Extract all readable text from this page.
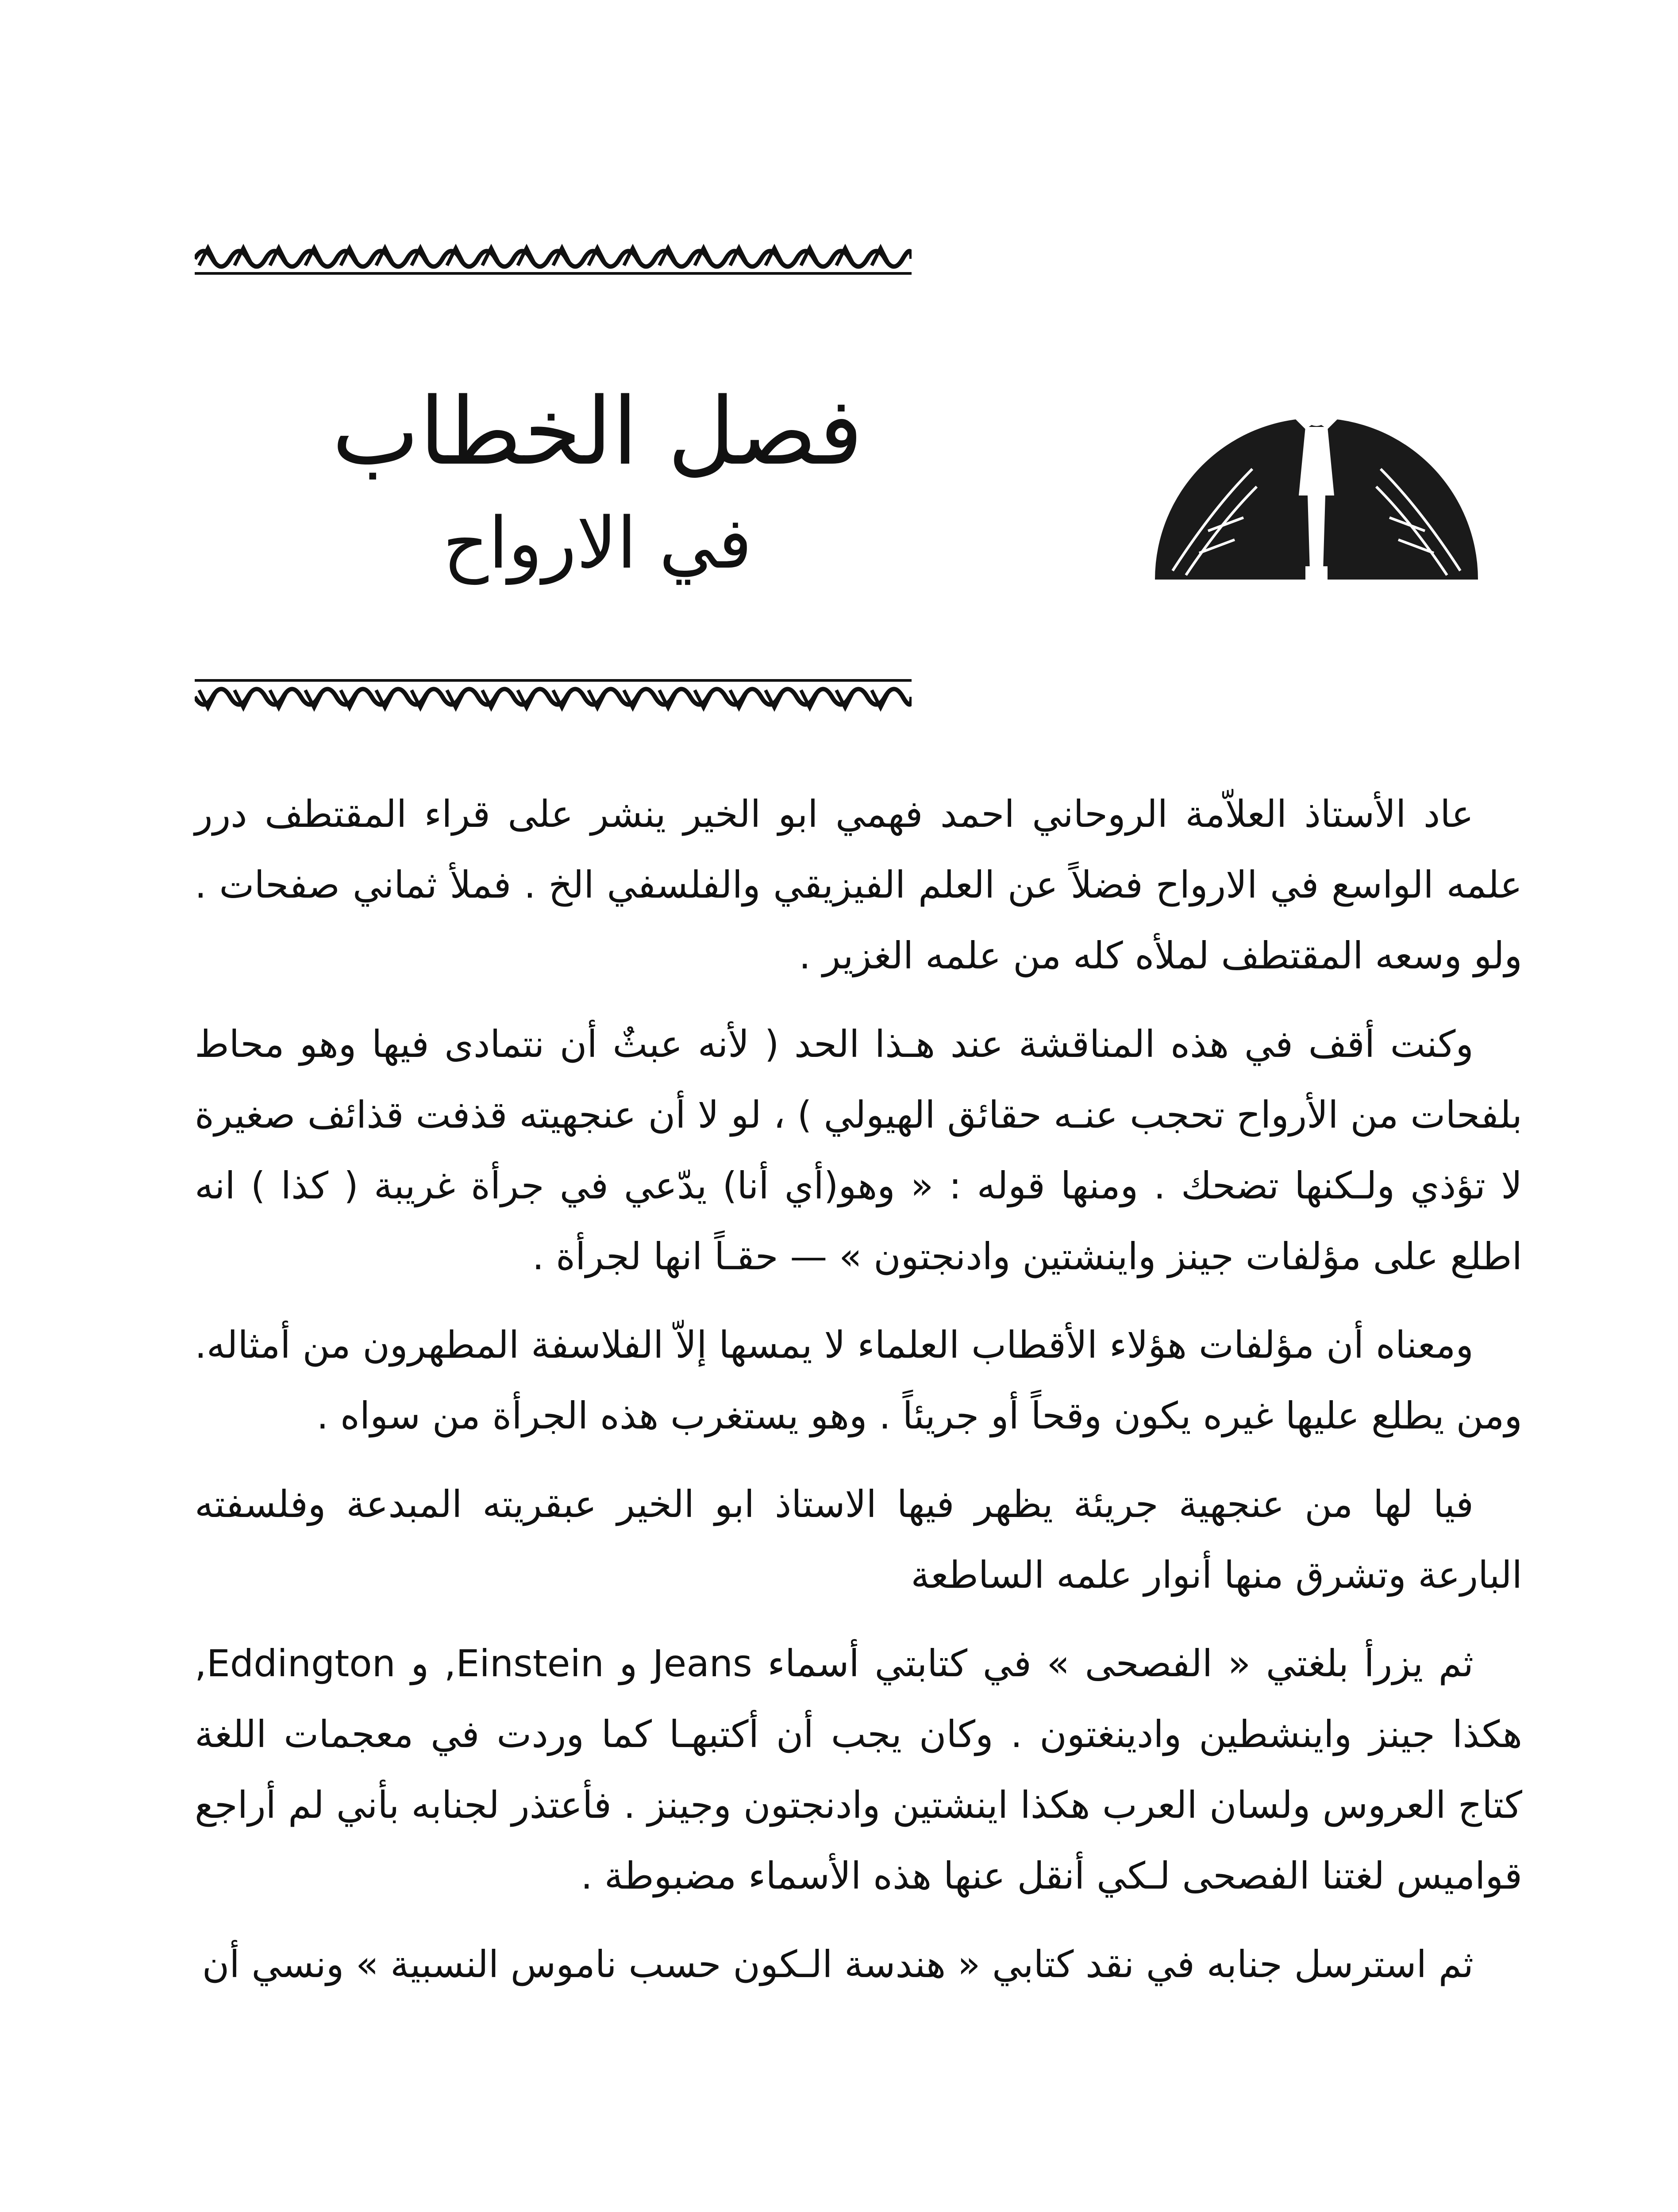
فصل الخطاب
في الارواح

عاد الأستاذ العلاّمة الروحاني احمد فهمي ابو الخير ينشر على قراء المقتطف درر علمه الواسع في الارواح فضلاً عن العلم الفيزيقي والفلسفي الخ . فملأ ثماني صفحات . ولو وسعه المقتطف لملأه كله من علمه الغزير .

وكنت أقف في هذه المناقشة عند هـذا الحد ( لأنه عبثٌ أن نتمادى فيها وهو محاط بلفحات من الأرواح تحجب عنـه حقائق الهيولي ) ، لو لا أن عنجهيته قذفت قذائف صغيرة لا تؤذي ولـكنها تضحك . ومنها قوله : « وهو(أي أنا) يدّعي في جرأة غريبة ( كذا ) انه اطلع على مؤلفات جينز واينشتين وادنجتون » — حقـاً انها لجرأة .

ومعناه أن مؤلفات هؤلاء الأقطاب العلماء لا يمسها إلاّ الفلاسفة المطهرون من أمثاله. ومن يطلع عليها غيره يكون وقحاً أو جريئاً . وهو يستغرب هذه الجرأة من سواه .

فيا لها من عنجهية جريئة يظهر فيها الاستاذ ابو الخير عبقريته المبدعة وفلسفته البارعة وتشرق منها أنوار علمه الساطعة

ثم يزرأ بلغتي « الفصحى » في كتابتي أسماء Jeans و Einstein, و Eddington, هكذا جينز واينشطين وادينغتون . وكان يجب أن أكتبهـا كما وردت في معجمات اللغة كتاج العروس ولسان العرب هكذا اينشتين وادنجتون وجينز . فأعتذر لجنابه بأني لم أراجع قواميس لغتنا الفصحى لـكي أنقل عنها هذه الأسماء مضبوطة .

ثم استرسل جنابه في نقد كتابي « هندسة الـكون حسب ناموس النسبية » ونسي أن
